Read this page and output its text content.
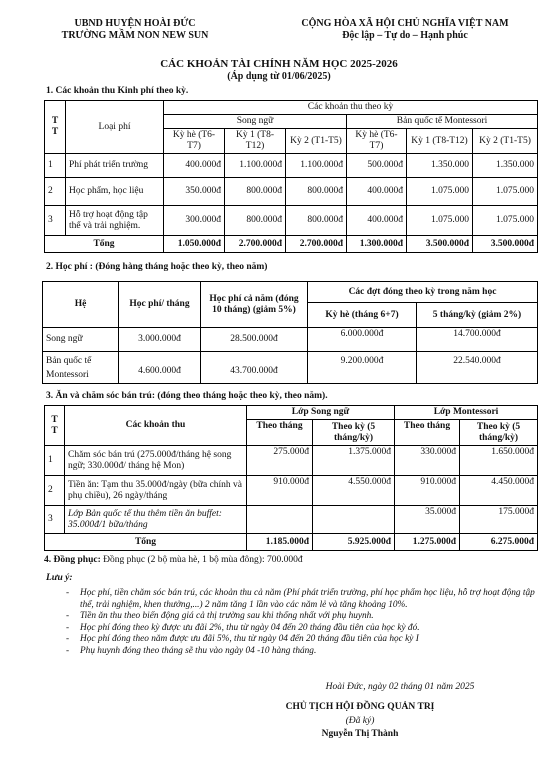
UBND HUYỆN HOÀI ĐỨC
TRƯỜNG MẦM NON NEW SUN
CỘNG HÒA XÃ HỘI CHỦ NGHĨA VIỆT NAM
Độc lập – Tự do – Hạnh phúc
CÁC KHOẢN TÀI CHÍNH NĂM HỌC 2025-2026
(Áp dụng từ 01/06/2025)
1. Các khoản thu Kinh phí theo kỳ.
T T	Loại phí	Các khoản thu theo kỳ					
		Song ngữ			Bản quốc tế Montessori		
		Kỳ hè (T6-T7)	Kỳ 1 (T8-T12)	Kỳ 2 (T1-T5)	Kỳ hè (T6-T7)	Kỳ 1 (T8-T12)	Kỳ 2 (T1-T5)
1	Phí phát triển trường	400.000đ	1.100.000đ	1.100.000đ	500.000đ	1.350.000	1.350.000
2	Học phẩm, học liệu	350.000đ	800.000đ	800.000đ	400.000đ	1.075.000	1.075.000
3	Hỗ trợ hoạt động tập thể và trải nghiệm.	300.000đ	800.000đ	800.000đ	400.000đ	1.075.000	1.075.000
Tổng		1.050.000đ	2.700.000đ	2.700.000đ	1.300.000đ	3.500.000đ	3.500.000đ
2. Học phí : (Đóng hàng tháng hoặc theo kỳ, theo năm)
Hệ	Học phí/ tháng	Học phí cả năm (đóng 10 tháng) (giảm 5%)	Các đợt đóng theo kỳ trong năm học	
			Kỳ hè (tháng 6+7)	5 tháng/kỳ (giảm 2%)
Song ngữ	3.000.000đ	28.500.000đ	6.000.000đ	14.700.000đ
Bản quốc tế Montessori	4.600.000đ	43.700.000đ	9.200.000đ	22.540.000đ
3. Ăn và chăm sóc bán trú: (đóng theo tháng hoặc theo kỳ, theo năm).
T T	Các khoản thu	Lớp Song ngữ		Lớp Montessori	
		Theo tháng	Theo kỳ (5 tháng/kỳ)	Theo tháng	Theo kỳ (5 tháng/kỳ)
1	Chăm sóc bán trú (275.000đ/tháng hệ song ngữ; 330.000đ/ tháng hệ Mon)	275.000đ	1.375.000đ	330.000đ	1.650.000đ
2	Tiền ăn: Tạm thu 35.000đ/ngày (bữa chính và phụ chiều), 26 ngày/tháng	910.000đ	4.550.000đ	910.000đ	4.450.000đ
3	Lớp Bản quốc tế thu thêm tiền ăn buffet: 35.000đ/1 bữa/tháng			35.000đ	175.000đ
Tổng		1.185.000đ	5.925.000đ	1.275.000đ	6.275.000đ
4. Đồng phục: Đồng phục (2 bộ mùa hè, 1 bộ mùa đông): 700.000đ
Lưu ý:
- Học phí, tiền chăm sóc bán trú, các khoản thu cả năm (Phí phát triển trường, phí học phẩm học liệu, hỗ trợ hoạt động tập thể, trải nghiệm, khen thưởng,...) 2 năm tăng 1 lần vào các năm lẻ và tăng khoảng 10%.
- Tiền ăn thu theo biến động giá cả thị trường sau khi thống nhất với phụ huynh.
- Học phí đóng theo kỳ được ưu đãi 2%, thu từ ngày 04 đến 20 tháng đầu tiên của học kỳ đó.
- Học phí đóng theo năm được ưu đãi 5%, thu từ ngày 04 đến 20 tháng đầu tiên của học kỳ I
- Phụ huynh đóng theo tháng sẽ thu vào ngày 04 -10 hàng tháng.
Hoài Đức, ngày 02 tháng 01 năm 2025
CHỦ TỊCH HỘI ĐỒNG QUẢN TRỊ
(Đã ký)
Nguyễn Thị Thành
